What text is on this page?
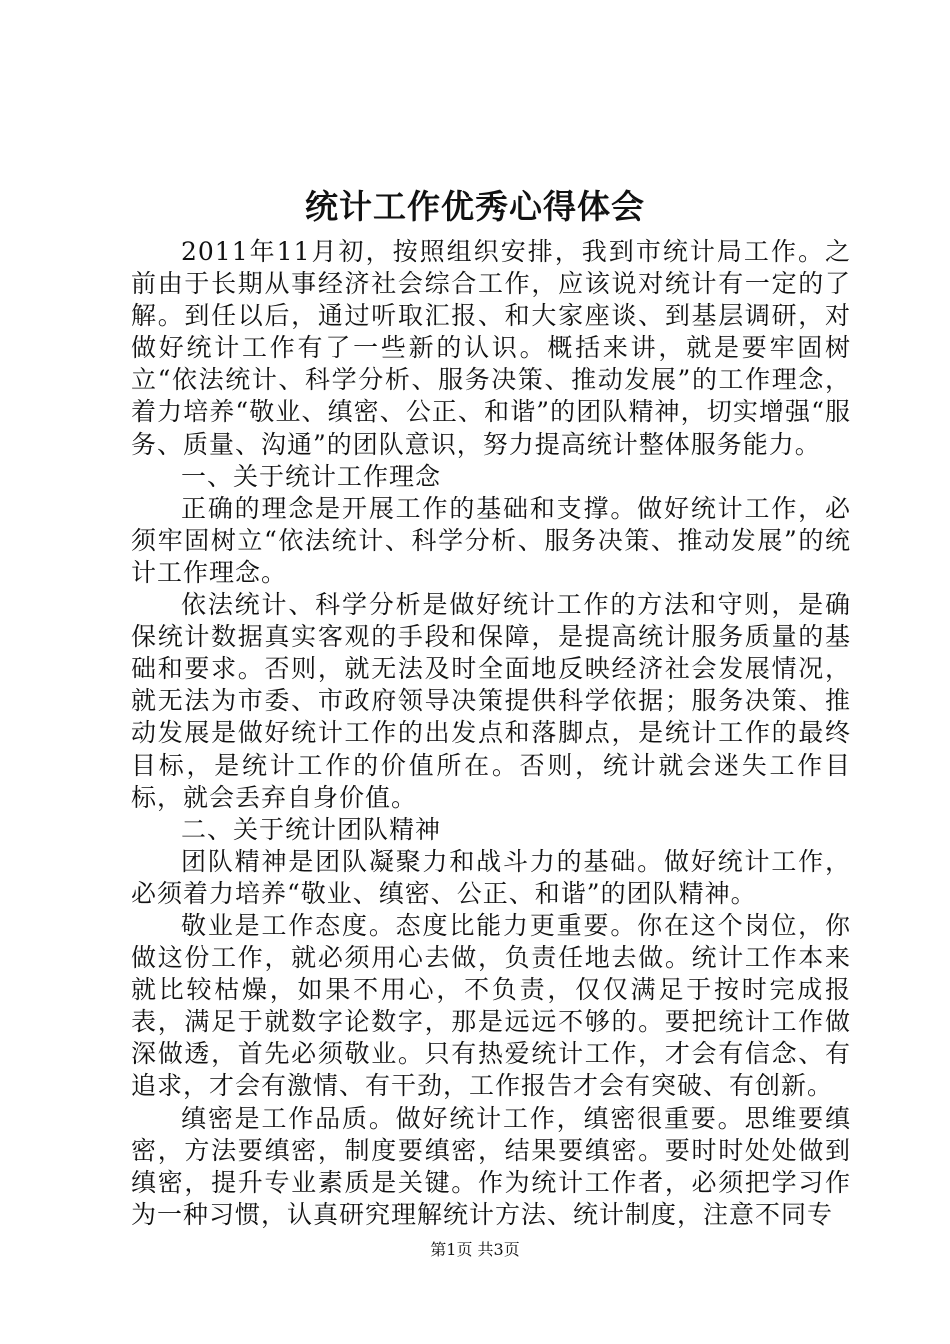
统计工作优秀心得体会

2011年11月初，按照组织安排，我到市统计局工作。之前由于长期从事经济社会综合工作，应该说对统计有一定的了解。到任以后，通过听取汇报、和大家座谈、到基层调研，对做好统计工作有了一些新的认识。概括来讲，就是要牢固树立“依法统计、科学分析、服务决策、推动发展”的工作理念，着力培养“敬业、缜密、公正、和谐”的团队精神，切实增强“服务、质量、沟通”的团队意识，努力提高统计整体服务能力。

一、关于统计工作理念

正确的理念是开展工作的基础和支撑。做好统计工作，必须牢固树立“依法统计、科学分析、服务决策、推动发展”的统计工作理念。

依法统计、科学分析是做好统计工作的方法和守则，是确保统计数据真实客观的手段和保障，是提高统计服务质量的基础和要求。否则，就无法及时全面地反映经济社会发展情况，就无法为市委、市政府领导决策提供科学依据；服务决策、推动发展是做好统计工作的出发点和落脚点，是统计工作的最终目标，是统计工作的价值所在。否则，统计就会迷失工作目标，就会丢弃自身价值。

二、关于统计团队精神

团队精神是团队凝聚力和战斗力的基础。做好统计工作，必须着力培养“敬业、缜密、公正、和谐”的团队精神。

敬业是工作态度。态度比能力更重要。你在这个岗位，你做这份工作，就必须用心去做，负责任地去做。统计工作本来就比较枯燥，如果不用心，不负责，仅仅满足于按时完成报表，满足于就数字论数字，那是远远不够的。要把统计工作做深做透，首先必须敬业。只有热爱统计工作，才会有信念、有追求，才会有激情、有干劲，工作报告才会有突破、有创新。

缜密是工作品质。做好统计工作，缜密很重要。思维要缜密，方法要缜密，制度要缜密，结果要缜密。要时时处处做到缜密，提升专业素质是关键。作为统计工作者，必须把学习作为一种习惯，认真研究理解统计方法、统计制度，注意不同专

第1页 共3页
